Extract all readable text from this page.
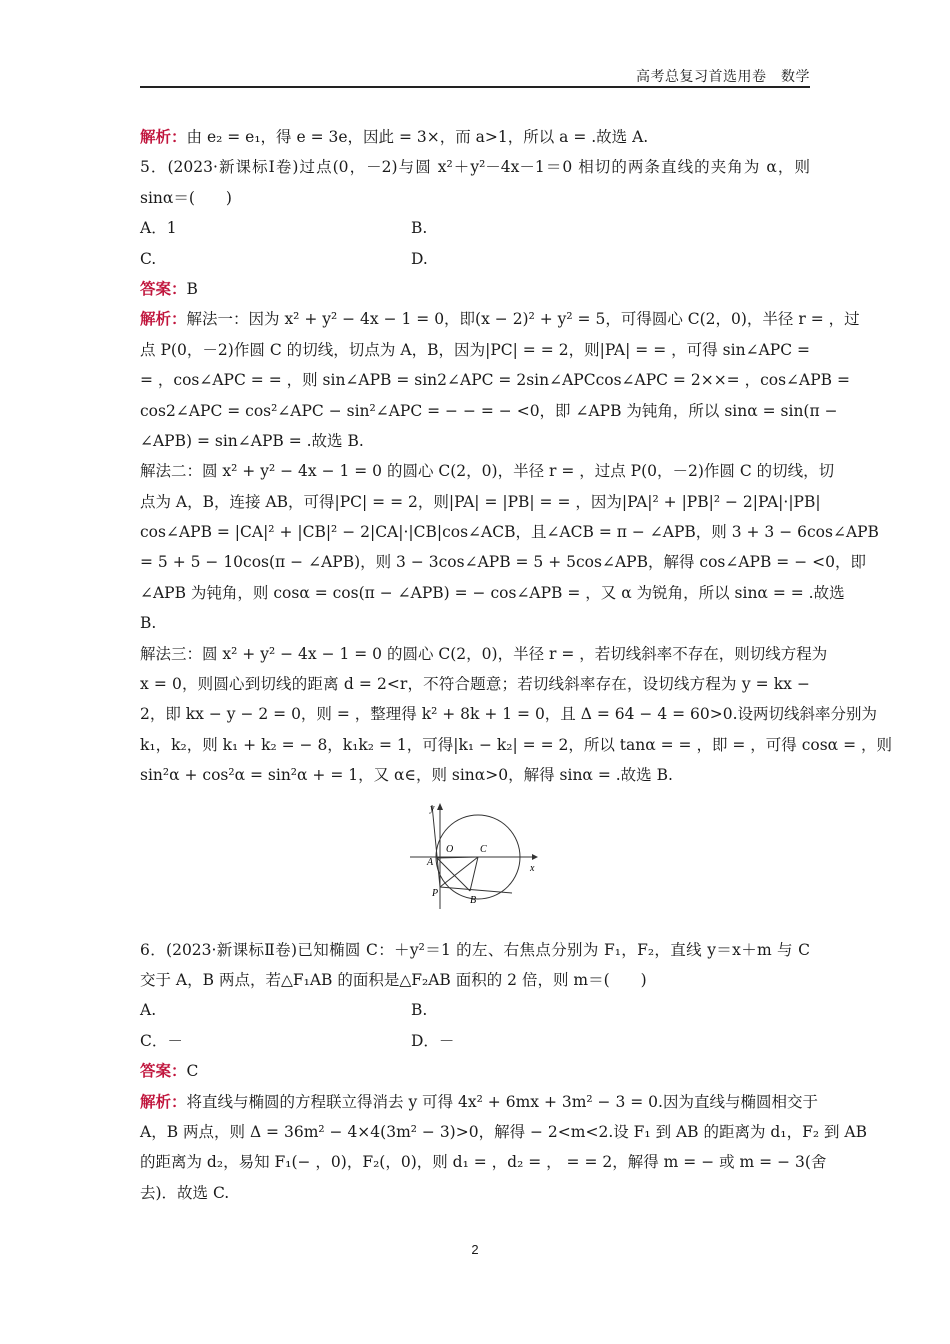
高考总复习首选用卷　数学
解析：由 e₂ = e₁，得 e = 3e，因此 = 3×，而 a>1，所以 a = .故选 A.
5．(2023·新课标Ⅰ卷)过点(0，－2)与圆 x²＋y²－4x－1＝0 相切的两条直线的夹角为 α，则
sinα＝(　　)
A．1	B.
C.	D.
答案：B
解析：解法一：因为 x² + y² − 4x − 1 = 0，即(x − 2)² + y² = 5，可得圆心 C(2，0)，半径 r = ，过
点 P(0，－2)作圆 C 的切线，切点为 A，B，因为|PC| = = 2，则|PA| = = ，可得 sin∠APC =
= ，cos∠APC = = ，则 sin∠APB = sin2∠APC = 2sin∠APCcos∠APC = 2××= ，cos∠APB =
cos2∠APC = cos²∠APC − sin²∠APC = − − = − <0，即 ∠APB 为钝角，所以 sinα = sin(π −
∠APB) = sin∠APB = .故选 B.
解法二：圆 x² + y² − 4x − 1 = 0 的圆心 C(2，0)，半径 r = ，过点 P(0，－2)作圆 C 的切线，切
点为 A，B，连接 AB，可得|PC| = = 2，则|PA| = |PB| = = ，因为|PA|² + |PB|² − 2|PA|·|PB|
cos∠APB = |CA|² + |CB|² − 2|CA|·|CB|cos∠ACB，且∠ACB = π − ∠APB，则 3 + 3 − 6cos∠APB
= 5 + 5 − 10cos(π − ∠APB)，则 3 − 3cos∠APB = 5 + 5cos∠APB，解得 cos∠APB = − <0，即
∠APB 为钝角，则 cosα = cos(π − ∠APB) = − cos∠APB = ，又 α 为锐角，所以 sinα = = .故选
B.
解法三：圆 x² + y² − 4x − 1 = 0 的圆心 C(2，0)，半径 r = ，若切线斜率不存在，则切线方程为
x = 0，则圆心到切线的距离 d = 2<r，不符合题意；若切线斜率存在，设切线方程为 y = kx −
2，即 kx − y − 2 = 0，则 = ，整理得 k² + 8k + 1 = 0，且 Δ = 64 − 4 = 60>0.设两切线斜率分别为
k₁，k₂，则 k₁ + k₂ = − 8，k₁k₂ = 1，可得|k₁ − k₂| = = 2，所以 tanα = = ，即 = ，可得 cosα = ，则
sin²α + cos²α = sin²α + = 1，又 α∈，则 sinα>0，解得 sinα = .故选 B.
y
x
O	C
A
P
B
6．(2023·新课标Ⅱ卷)已知椭圆 C：＋y²＝1 的左、右焦点分别为 F₁，F₂，直线 y＝x＋m 与 C
交于 A，B 两点，若△F₁AB 的面积是△F₂AB 面积的 2 倍，则 m＝(　　)
A.	B.
C．－	D．－
答案：C
解析：将直线与椭圆的方程联立得消去 y 可得 4x² + 6mx + 3m² − 3 = 0.因为直线与椭圆相交于
A，B 两点，则 Δ = 36m² − 4×4(3m² − 3)>0，解得 − 2<m<2.设 F₁ 到 AB 的距离为 d₁，F₂ 到 AB
的距离为 d₂，易知 F₁(− ，0)，F₂(，0)，则 d₁ = ，d₂ = ， = = 2，解得 m = − 或 m = − 3(舍
去)．故选 C.
2
